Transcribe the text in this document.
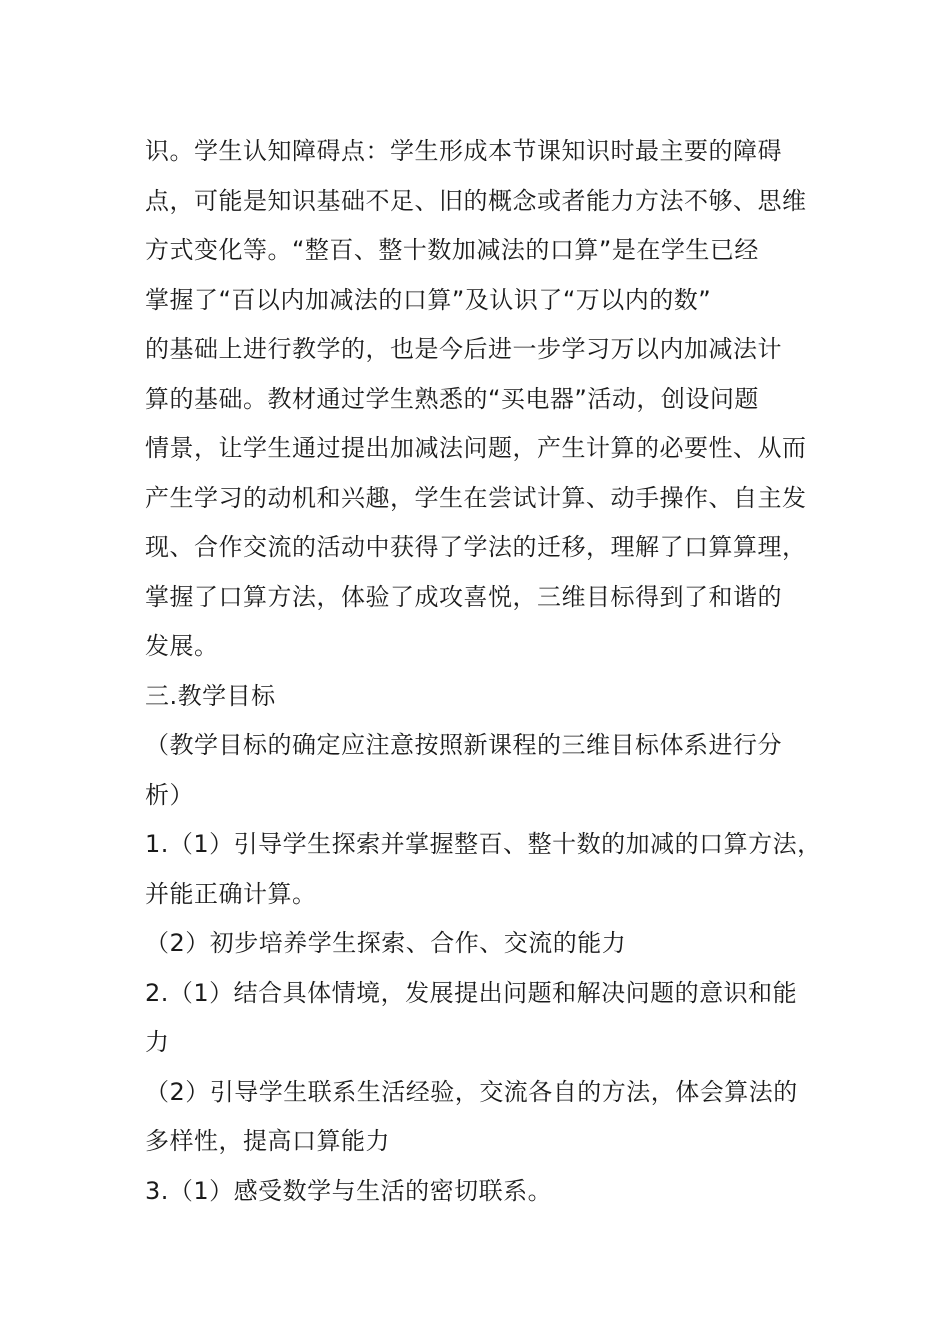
识。学生认知障碍点：学生形成本节课知识时最主要的障碍
点，可能是知识基础不足、旧的概念或者能力方法不够、思维
方式变化等。“整百、整十数加减法的口算”是在学生已经
掌握了“百以内加减法的口算”及认识了“万以内的数”
的基础上进行教学的，也是今后进一步学习万以内加减法计
算的基础。教材通过学生熟悉的“买电器”活动，创设问题
情景，让学生通过提出加减法问题，产生计算的必要性、从而
产生学习的动机和兴趣，学生在尝试计算、动手操作、自主发
现、合作交流的活动中获得了学法的迁移，理解了口算算理，
掌握了口算方法，体验了成攻喜悦，三维目标得到了和谐的
发展。
三.教学目标
（教学目标的确定应注意按照新课程的三维目标体系进行分
析）
1.（1）引导学生探索并掌握整百、整十数的加减的口算方法，
并能正确计算。
（2）初步培养学生探索、合作、交流的能力
2.（1）结合具体情境，发展提出问题和解决问题的意识和能
力
（2）引导学生联系生活经验，交流各自的方法，体会算法的
多样性，提高口算能力
3.（1）感受数学与生活的密切联系。
